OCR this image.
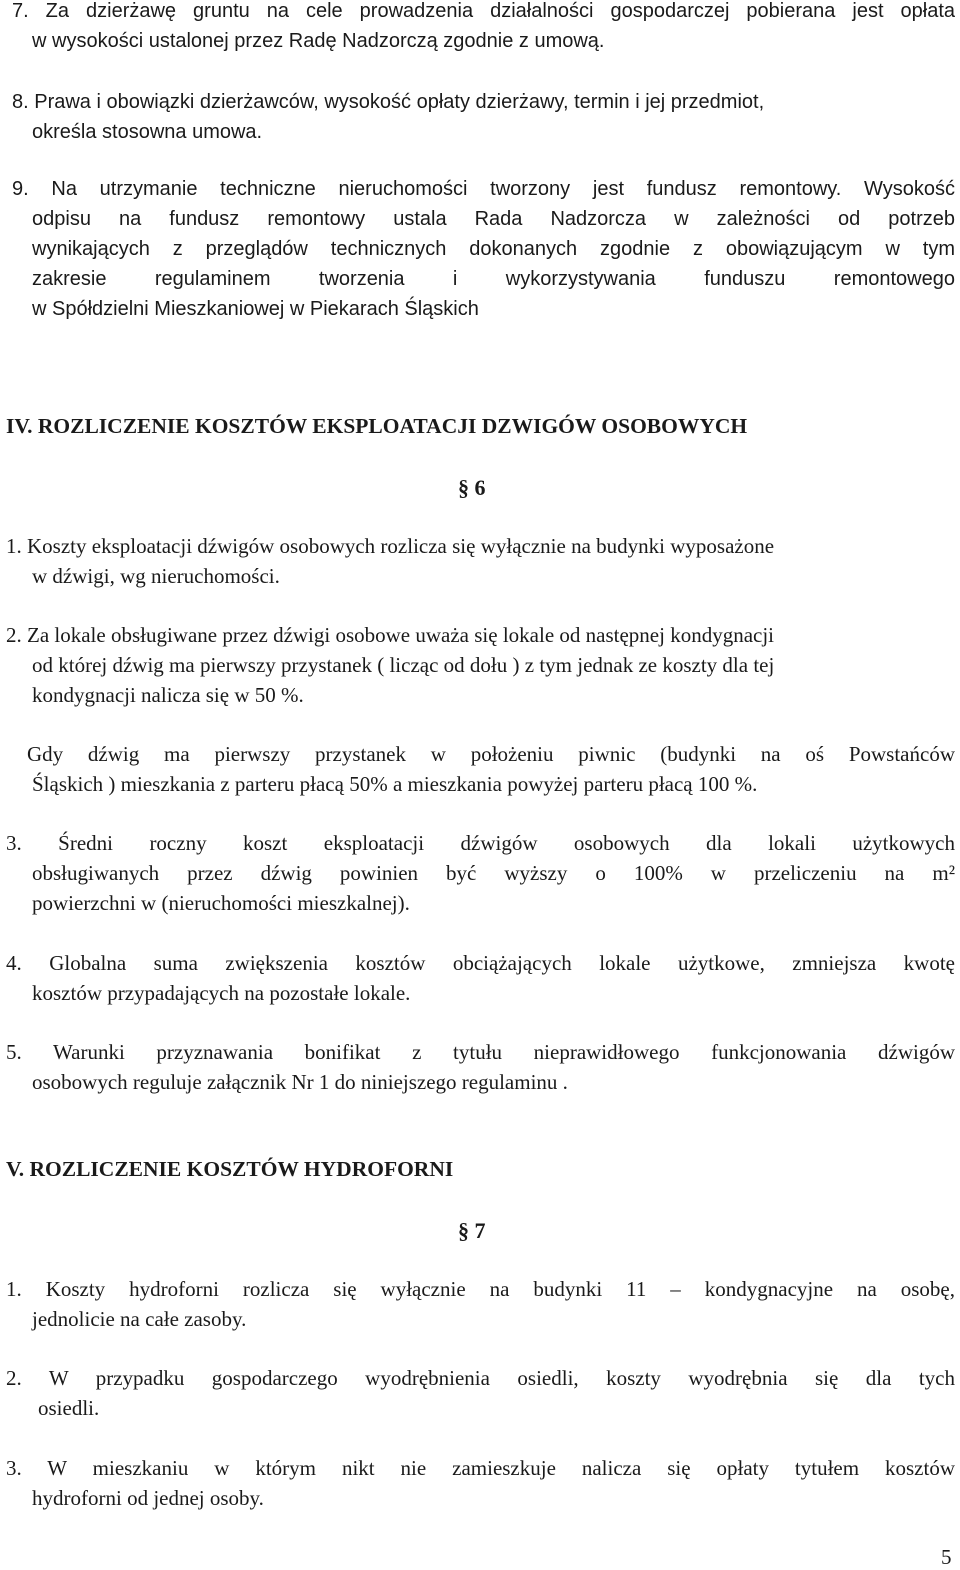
7. Za dzierżawę gruntu na cele prowadzenia działalności gospodarczej pobierana jest opłata
w wysokości ustalonej przez Radę Nadzorczą zgodnie z umową.
8. Prawa i obowiązki dzierżawców, wysokość opłaty dzierżawy, termin i jej przedmiot,
określa stosowna umowa.
9. Na utrzymanie techniczne nieruchomości tworzony jest fundusz remontowy. Wysokość
odpisu na fundusz remontowy ustala Rada Nadzorcza w zależności od potrzeb
wynikających z przeglądów technicznych dokonanych zgodnie z obowiązującym w tym
zakresie regulaminem tworzenia i wykorzystywania funduszu remontowego
w Spółdzielni Mieszkaniowej w Piekarach Śląskich
IV. ROZLICZENIE KOSZTÓW EKSPLOATACJI DZWIGÓW OSOBOWYCH
§ 6
1. Koszty eksploatacji dźwigów osobowych rozlicza się wyłącznie na budynki wyposażone
w dźwigi, wg nieruchomości.
2. Za lokale obsługiwane przez dźwigi osobowe uważa się lokale od następnej kondygnacji
od której dźwig ma pierwszy przystanek ( licząc od dołu ) z tym jednak ze koszty dla tej
kondygnacji nalicza się w 50 %.
Gdy dźwig ma pierwszy przystanek w położeniu piwnic (budynki na oś Powstańców
Śląskich ) mieszkania z parteru płacą 50% a mieszkania powyżej parteru płacą 100 %.
3. Średni roczny koszt eksploatacji dźwigów osobowych dla lokali użytkowych
obsługiwanych przez dźwig powinien być wyższy o 100% w przeliczeniu na m²
powierzchni w (nieruchomości mieszkalnej).
4. Globalna suma zwiększenia kosztów obciążających lokale użytkowe, zmniejsza kwotę
kosztów przypadających na pozostałe lokale.
5. Warunki przyznawania bonifikat z tytułu nieprawidłowego funkcjonowania dźwigów
osobowych reguluje załącznik Nr 1 do niniejszego regulaminu .
V. ROZLICZENIE KOSZTÓW HYDROFORNI
§ 7
1. Koszty hydroforni rozlicza się wyłącznie na budynki 11 – kondygnacyjne na osobę,
jednolicie na całe zasoby.
2. W przypadku gospodarczego wyodrębnienia osiedli, koszty wyodrębnia się dla tych
osiedli.
3. W mieszkaniu w którym nikt nie zamieszkuje nalicza się opłaty tytułem kosztów
hydroforni od jednej osoby.
5
